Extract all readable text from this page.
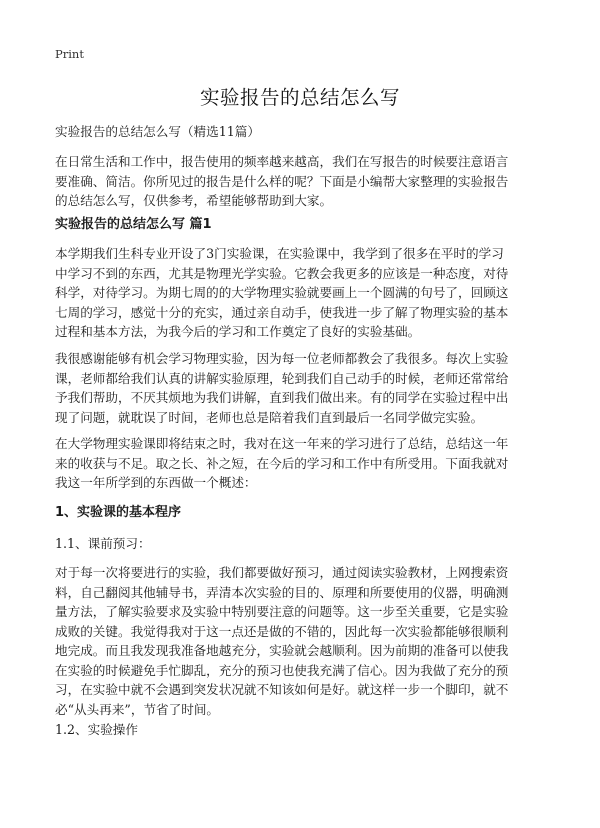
Print
实验报告的总结怎么写

实验报告的总结怎么写（精选11篇）

在日常生活和工作中，报告使用的频率越来越高，我们在写报告的时候要注意语言
要准确、简洁。你所见过的报告是什么样的呢？下面是小编帮大家整理的实验报告
的总结怎么写，仅供参考，希望能够帮助到大家。

实验报告的总结怎么写 篇1

本学期我们生科专业开设了3门实验课，在实验课中，我学到了很多在平时的学习
中学习不到的东西，尤其是物理光学实验。它教会我更多的应该是一种态度，对待
科学，对待学习。为期七周的的大学物理实验就要画上一个圆满的句号了，回顾这
七周的学习，感觉十分的充实，通过亲自动手，使我进一步了解了物理实验的基本
过程和基本方法，为我今后的学习和工作奠定了良好的实验基础。

我很感谢能够有机会学习物理实验，因为每一位老师都教会了我很多。每次上实验
课，老师都给我们认真的讲解实验原理，轮到我们自己动手的时候，老师还常常给
予我们帮助，不厌其烦地为我们讲解，直到我们做出来。有的同学在实验过程中出
现了问题，就耽误了时间，老师也总是陪着我们直到最后一名同学做完实验。

在大学物理实验课即将结束之时，我对在这一年来的学习进行了总结，总结这一年
来的收获与不足。取之长、补之短，在今后的学习和工作中有所受用。下面我就对
我这一年所学到的东西做一个概述：

1、实验课的基本程序

1.1、课前预习：

对于每一次将要进行的实验，我们都要做好预习，通过阅读实验教材，上网搜索资
料，自己翻阅其他辅导书，弄清本次实验的目的、原理和所要使用的仪器，明确测
量方法，了解实验要求及实验中特别要注意的问题等。这一步至关重要，它是实验
成败的关键。我觉得我对于这一点还是做的不错的，因此每一次实验都能够很顺利
地完成。而且我发现我准备地越充分，实验就会越顺利。因为前期的准备可以使我
在实验的时候避免手忙脚乱，充分的预习也使我充满了信心。因为我做了充分的预
习，在实验中就不会遇到突发状况就不知该如何是好。就这样一步一个脚印，就不
必“从头再来”，节省了时间。

1.2、实验操作
